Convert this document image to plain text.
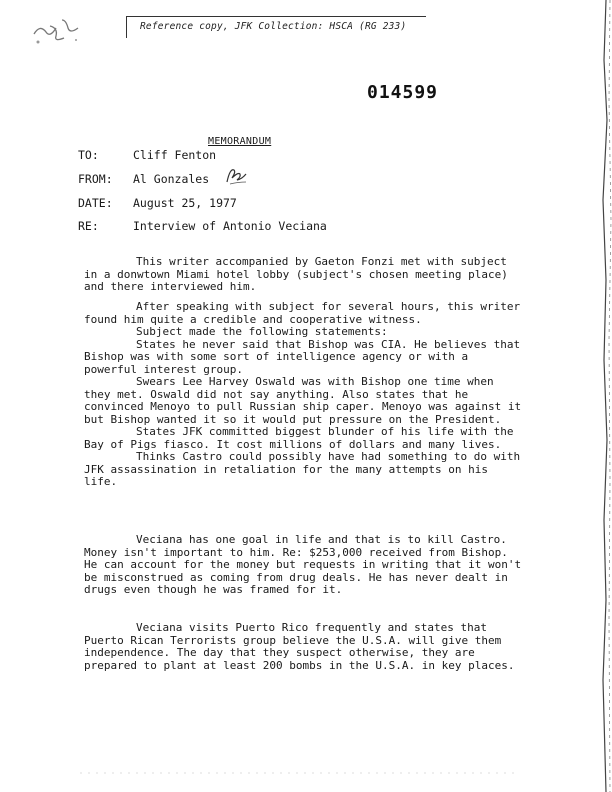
Reference copy, JFK Collection: HSCA (RG 233)
014599
MEMORANDUM
TO:	Cliff Fenton
FROM: Al Gonzales
DATE: August 25, 1977
RE:	Interview of Antonio Veciana

This writer accompanied by Gaeton Fonzi met with subject in a donwtown Miami hotel lobby (subject's chosen meeting place) and there interviewed him.

After speaking with subject for several hours, this writer found him quite a credible and cooperative witness.

Subject made the following statements:

States he never said that Bishop was CIA. He believes that Bishop was with some sort of intelligence agency or with a powerful interest group.

Swears Lee Harvey Oswald was with Bishop one time when they met. Oswald did not say anything. Also states that he convinced Menoyo to pull Russian ship caper. Menoyo was against it but Bishop wanted it so it would put pressure on the President.

States JFK committed biggest blunder of his life with the Bay of Pigs fiasco. It cost millions of dollars and many lives.

Thinks Castro could possibly have had something to do with JFK assassination in retaliation for the many attempts on his life.

Veciana has one goal in life and that is to kill Castro. Money isn't important to him. Re: $253,000 received from Bishop. He can account for the money but requests in writing that it won't be misconstrued as coming from drug deals. He has never dealt in drugs even though he was framed for it.

Veciana visits Puerto Rico frequently and states that Puerto Rican Terrorists group believe the U.S.A. will give them independence. The day that they suspect otherwise, they are prepared to plant at least 200 bombs in the U.S.A. in key places.
